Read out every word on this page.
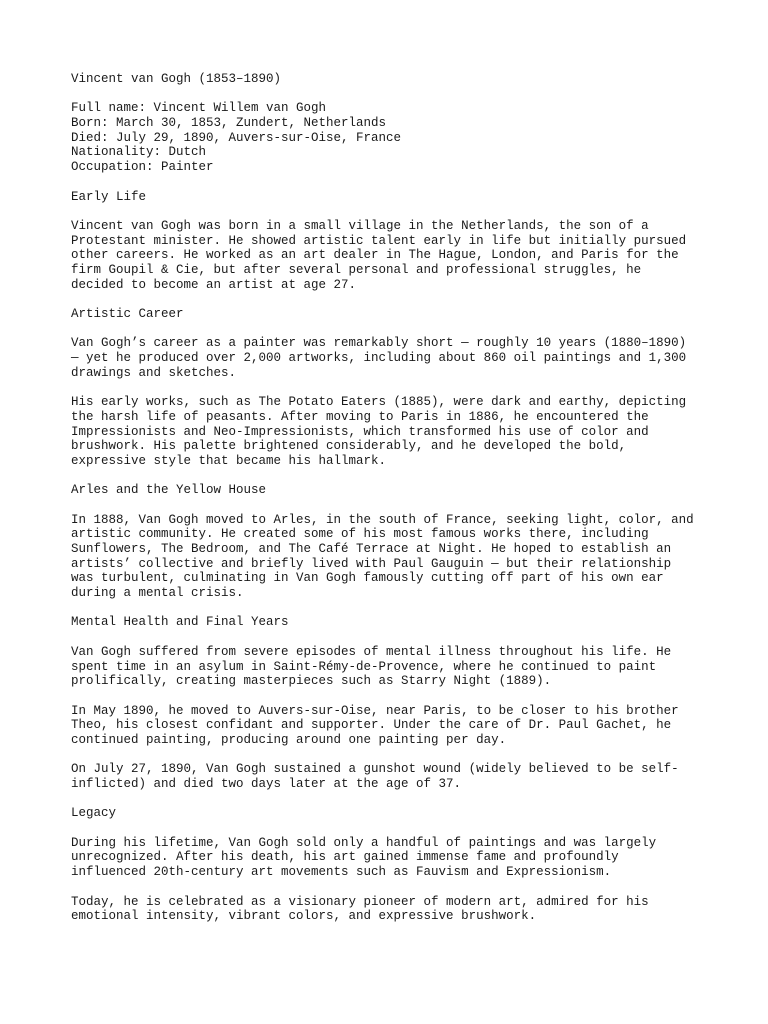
Vincent van Gogh (1853–1890)
Full name: Vincent Willem van Gogh
Born: March 30, 1853, Zundert, Netherlands
Died: July 29, 1890, Auvers-sur-Oise, France
Nationality: Dutch
Occupation: Painter
Early Life
Vincent van Gogh was born in a small village in the Netherlands, the son of a
Protestant minister. He showed artistic talent early in life but initially pursued
other careers. He worked as an art dealer in The Hague, London, and Paris for the
firm Goupil & Cie, but after several personal and professional struggles, he
decided to become an artist at age 27.
Artistic Career
Van Gogh’s career as a painter was remarkably short — roughly 10 years (1880–1890)
— yet he produced over 2,000 artworks, including about 860 oil paintings and 1,300
drawings and sketches.
His early works, such as The Potato Eaters (1885), were dark and earthy, depicting
the harsh life of peasants. After moving to Paris in 1886, he encountered the
Impressionists and Neo-Impressionists, which transformed his use of color and
brushwork. His palette brightened considerably, and he developed the bold,
expressive style that became his hallmark.
Arles and the Yellow House
In 1888, Van Gogh moved to Arles, in the south of France, seeking light, color, and
artistic community. He created some of his most famous works there, including
Sunflowers, The Bedroom, and The Café Terrace at Night. He hoped to establish an
artists’ collective and briefly lived with Paul Gauguin — but their relationship
was turbulent, culminating in Van Gogh famously cutting off part of his own ear
during a mental crisis.
Mental Health and Final Years
Van Gogh suffered from severe episodes of mental illness throughout his life. He
spent time in an asylum in Saint-Rémy-de-Provence, where he continued to paint
prolifically, creating masterpieces such as Starry Night (1889).
In May 1890, he moved to Auvers-sur-Oise, near Paris, to be closer to his brother
Theo, his closest confidant and supporter. Under the care of Dr. Paul Gachet, he
continued painting, producing around one painting per day.
On July 27, 1890, Van Gogh sustained a gunshot wound (widely believed to be self-
inflicted) and died two days later at the age of 37.
Legacy
During his lifetime, Van Gogh sold only a handful of paintings and was largely
unrecognized. After his death, his art gained immense fame and profoundly
influenced 20th-century art movements such as Fauvism and Expressionism.
Today, he is celebrated as a visionary pioneer of modern art, admired for his
emotional intensity, vibrant colors, and expressive brushwork.
